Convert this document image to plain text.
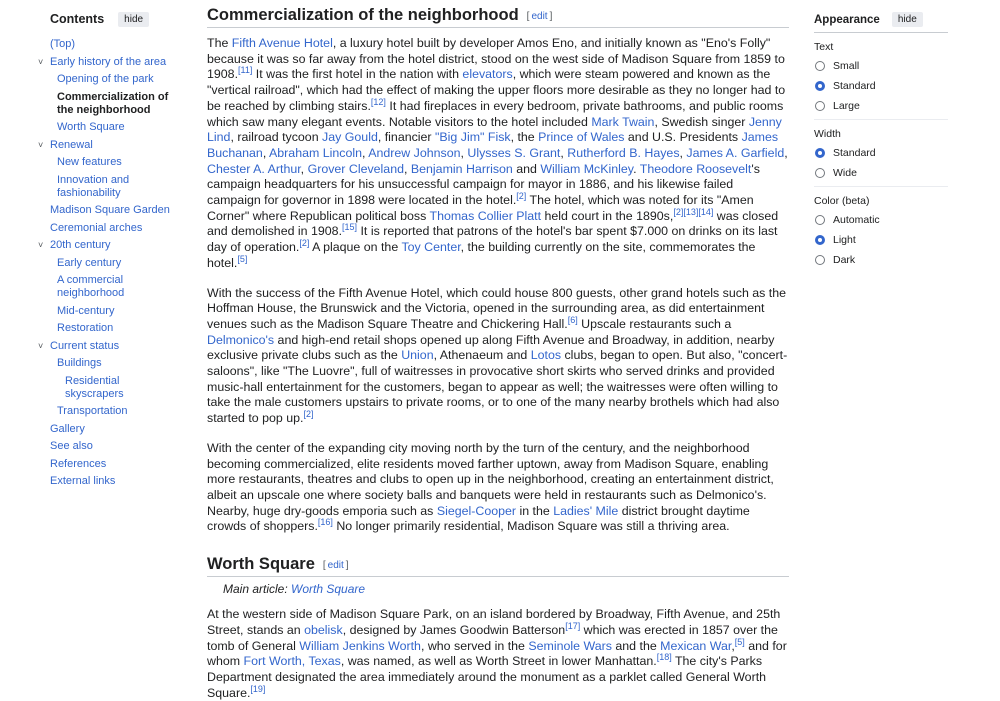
Contents	hide
(Top)
˅ Early history of the area
Opening of the park
Commercialization of the neighborhood
Worth Square
˅ Renewal
New features
Innovation and fashionability
Madison Square Garden
Ceremonial arches
˅ 20th century
Early century
A commercial neighborhood
Mid-century
Restoration
˅ Current status
Buildings
Residential skyscrapers
Transportation
Gallery
See also
References
External links
Commercialization of the neighborhood [ edit ]

The Fifth Avenue Hotel, a luxury hotel built by developer Amos Eno, and initially known as "Eno's Folly" because it was so far away from the hotel district, stood on the west side of Madison Square from 1859 to 1908.[11] It was the first hotel in the nation with elevators, which were steam powered and known as the "vertical railroad", which had the effect of making the upper floors more desirable as they no longer had to be reached by climbing stairs.[12] It had fireplaces in every bedroom, private bathrooms, and public rooms which saw many elegant events. Notable visitors to the hotel included Mark Twain, Swedish singer Jenny Lind, railroad tycoon Jay Gould, financier "Big Jim" Fisk, the Prince of Wales and U.S. Presidents James Buchanan, Abraham Lincoln, Andrew Johnson, Ulysses S. Grant, Rutherford B. Hayes, James A. Garfield, Chester A. Arthur, Grover Cleveland, Benjamin Harrison and William McKinley. Theodore Roosevelt's campaign headquarters for his unsuccessful campaign for mayor in 1886, and his likewise failed campaign for governor in 1898 were located in the hotel.[2] The hotel, which was noted for its "Amen Corner" where Republican political boss Thomas Collier Platt held court in the 1890s,[2][13][14] was closed and demolished in 1908.[15] It is reported that patrons of the hotel's bar spent $7.000 on drinks on its last day of operation.[2] A plaque on the Toy Center, the building currently on the site, commemorates the hotel.[5]

With the success of the Fifth Avenue Hotel, which could house 800 guests, other grand hotels such as the Hoffman House, the Brunswick and the Victoria, opened in the surrounding area, as did entertainment venues such as the Madison Square Theatre and Chickering Hall.[6] Upscale restaurants such a Delmonico's and high-end retail shops opened up along Fifth Avenue and Broadway, in addition, nearby exclusive private clubs such as the Union, Athenaeum and Lotos clubs, began to open. But also, "concert-saloons", like "The Luovre", full of waitresses in provocative short skirts who served drinks and provided music-hall entertainment for the customers, began to appear as well; the waitresses were often willing to take the male customers upstairs to private rooms, or to one of the many nearby brothels which had also started to pop up.[2]

With the center of the expanding city moving north by the turn of the century, and the neighborhood becoming commercialized, elite residents moved farther uptown, away from Madison Square, enabling more restaurants, theatres and clubs to open up in the neighborhood, creating an entertainment district, albeit an upscale one where society balls and banquets were held in restaurants such as Delmonico's. Nearby, huge dry-goods emporia such as Siegel-Cooper in the Ladies' Mile district brought daytime crowds of shoppers.[16] No longer primarily residential, Madison Square was still a thriving area.

Worth Square [ edit ]
Main article: Worth Square

At the western side of Madison Square Park, on an island bordered by Broadway, Fifth Avenue, and 25th Street, stands an obelisk, designed by James Goodwin Batterson[17] which was erected in 1857 over the tomb of General William Jenkins Worth, who served in the Seminole Wars and the Mexican War,[5] and for whom Fort Worth, Texas, was named, as well as Worth Street in lower Manhattan.[18] The city's Parks Department designated the area immediately around the monument as a parklet called General Worth Square.[19]

Appearance	hide
Text
Small
Standard
Large
Width
Standard
Wide
Color (beta)
Automatic
Light
Dark
